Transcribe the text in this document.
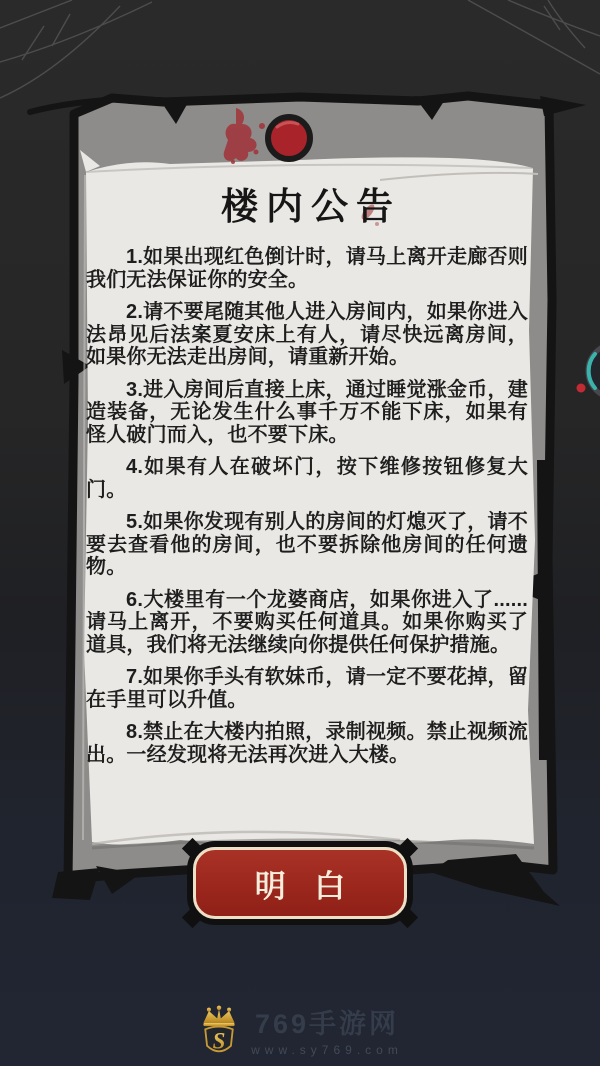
楼内公告

1.如果出现红色倒计时，请马上离开走廊否则我们无法保证你的安全。

2.请不要尾随其他人进入房间内，如果你进入法昂见后法案夏安床上有人，请尽快远离房间，如果你无法走出房间，请重新开始。

3.进入房间后直接上床，通过睡觉涨金币，建造装备，无论发生什么事千万不能下床，如果有怪人破门而入，也不要下床。

4.如果有人在破坏门，按下维修按钮修复大门。

5.如果你发现有别人的房间的灯熄灭了，请不要去查看他的房间，也不要拆除他房间的任何遗物。

6.大楼里有一个龙婆商店，如果你进入了......请马上离开，不要购买任何道具。如果你购买了道具，我们将无法继续向你提供任何保护措施。

7.如果你手头有软妹币，请一定不要花掉，留在手里可以升值。

8.禁止在大楼内拍照，录制视频。禁止视频流出。一经发现将无法再次进入大楼。

明 白
S
769手游网
www.sy769.com
